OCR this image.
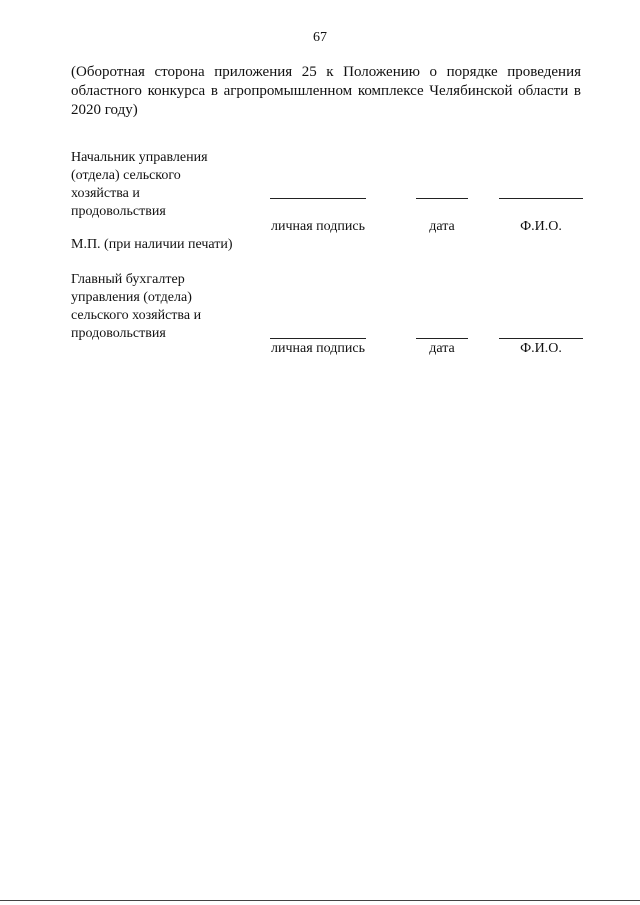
67
(Оборотная сторона приложения 25 к Положению о порядке проведения
областного конкурса в агропромышленном комплексе Челябинской области в
2020 году)
Начальник управления
(отдела) сельского
хозяйства и
продовольствия
личная подпись	дата	Ф.И.О.
М.П. (при наличии печати)
Главный бухгалтер
управления (отдела)
сельского хозяйства и
продовольствия
личная подпись	дата	Ф.И.О.
